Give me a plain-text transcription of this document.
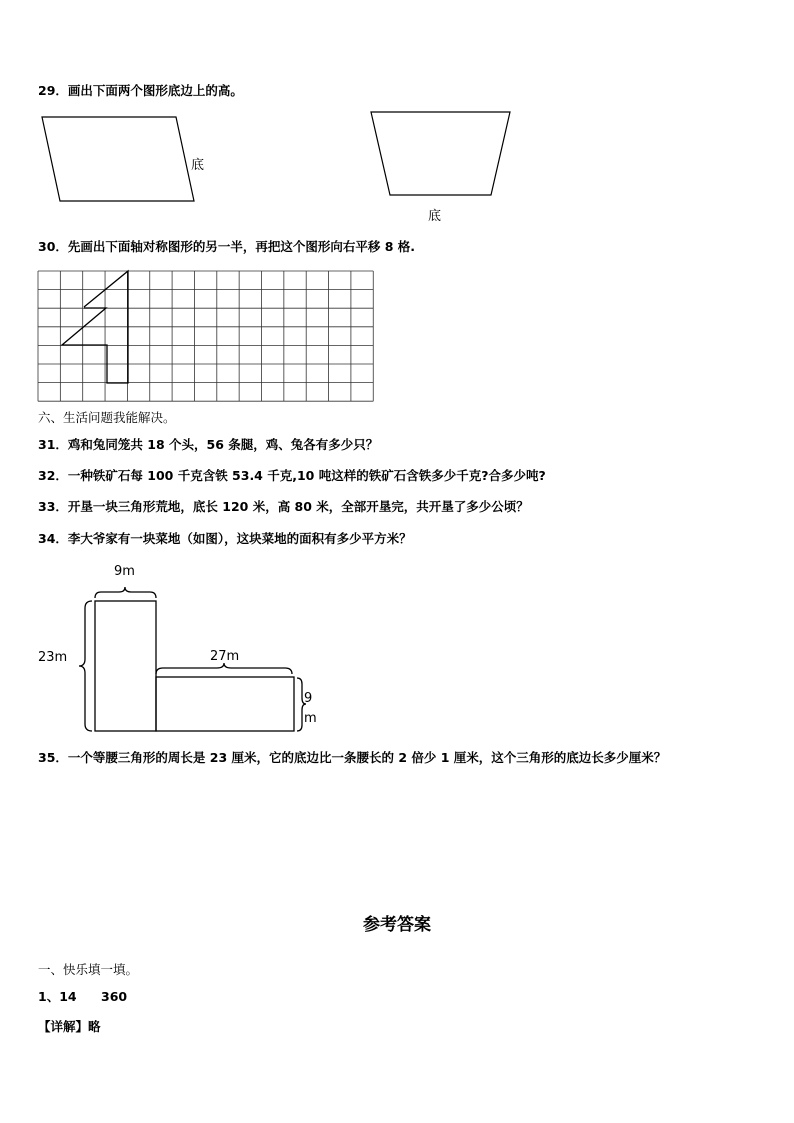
29．画出下面两个图形底边上的高。
底
底
9m
23m	27m
9
m
30．先画出下面轴对称图形的另一半，再把这个图形向右平移 8 格.
六、生活问题我能解决。
31．鸡和兔同笼共 18 个头，56 条腿，鸡、兔各有多少只？
32．一种铁矿石每 100 千克含铁 53.4 千克,10 吨这样的铁矿石含铁多少千克?合多少吨?
33．开垦一块三角形荒地，底长 120 米，高 80 米，全部开垦完，共开垦了多少公顷？
34．李大爷家有一块菜地（如图），这块菜地的面积有多少平方米？
35．一个等腰三角形的周长是 23 厘米，它的底边比一条腰长的 2 倍少 1 厘米，这个三角形的底边长多少厘米？
参考答案
一、快乐填一填。
1、14 360
【详解】略
